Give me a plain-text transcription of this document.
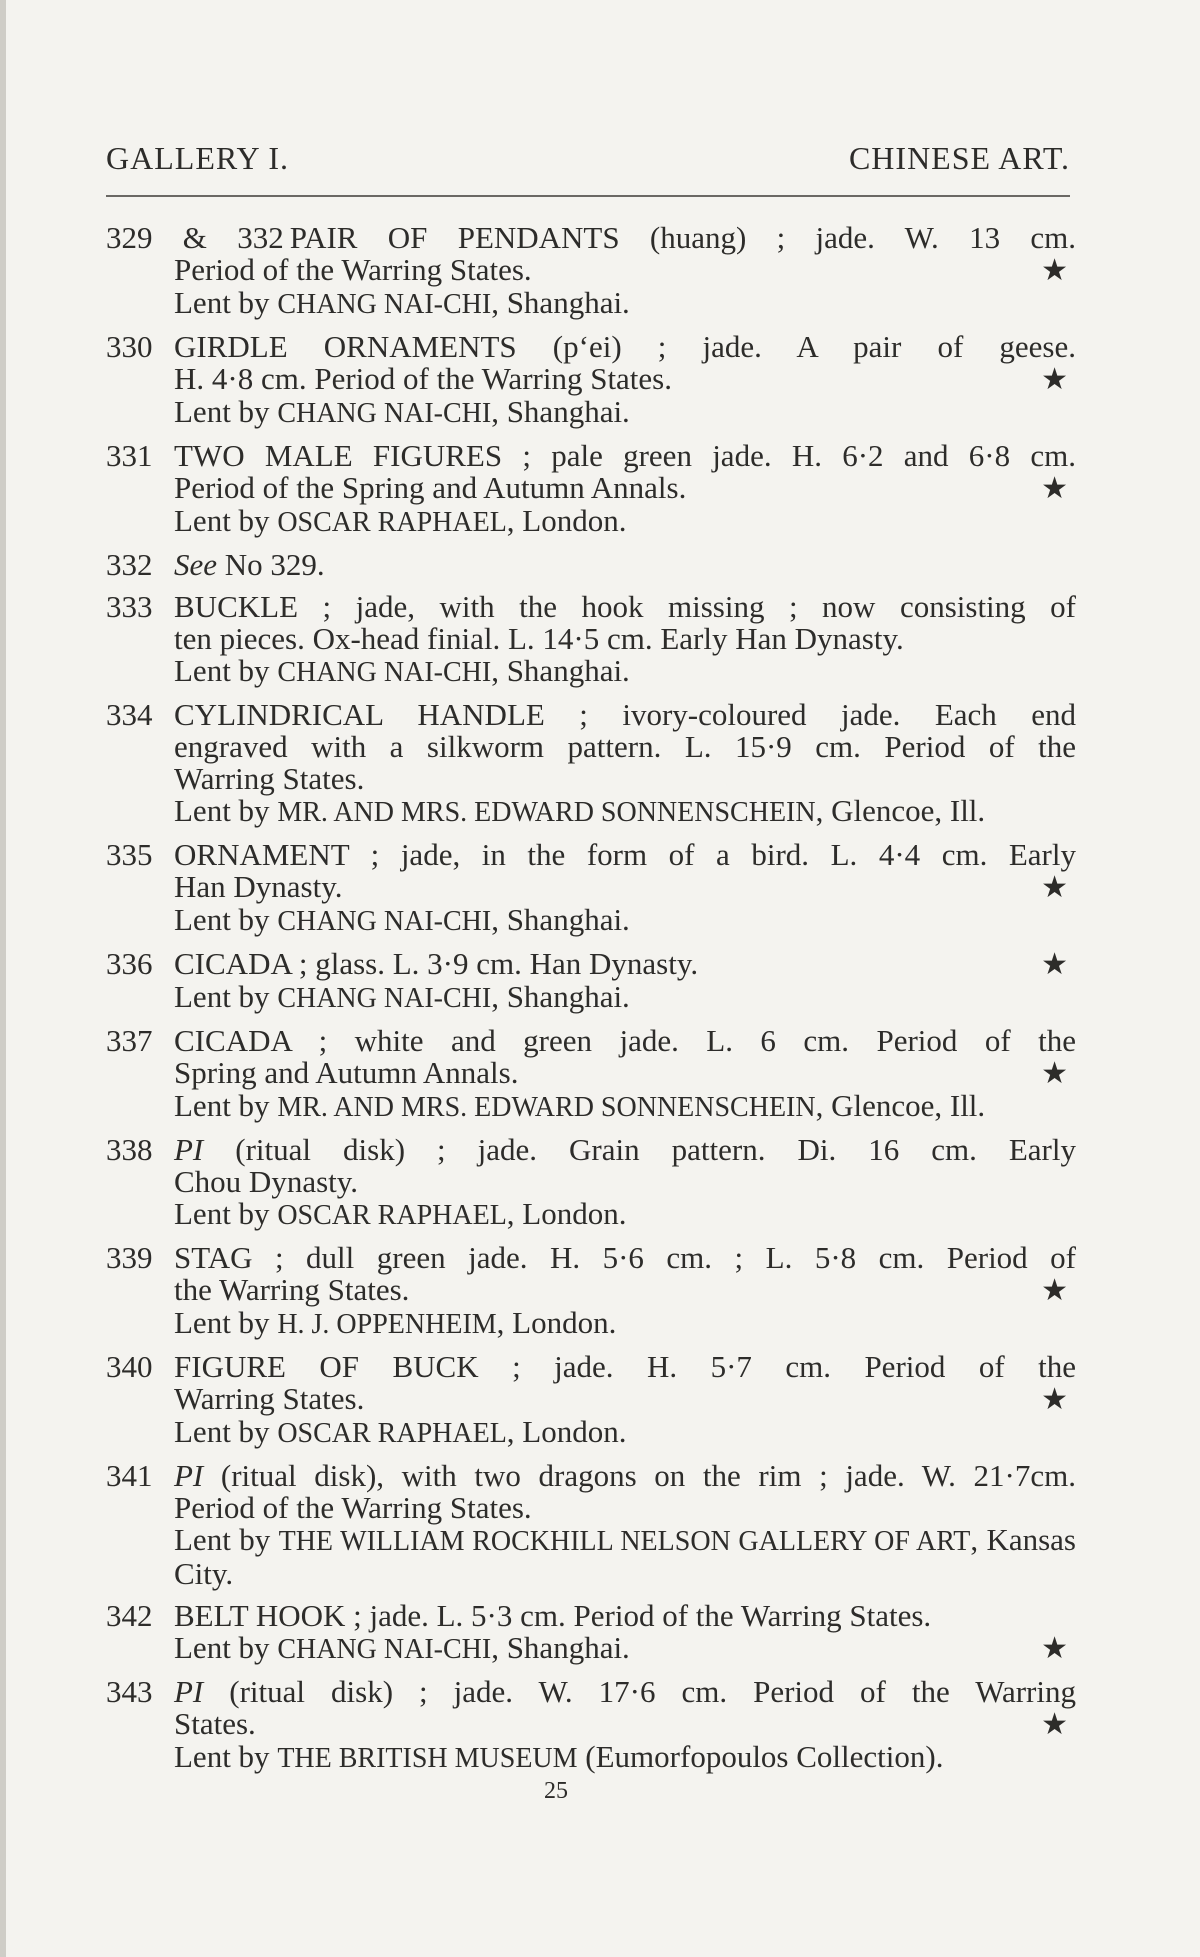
GALLERY I.	CHINESE ART.
329 & 332 PAIR OF PENDANTS (huang) ; jade. W. 13 cm.
Period of the Warring States.	★
Lent by CHANG NAI-CHI, Shanghai.
330 GIRDLE ORNAMENTS (p‘ei) ; jade. A pair of geese.
H. 4·8 cm. Period of the Warring States.	★
Lent by CHANG NAI-CHI, Shanghai.
331 TWO MALE FIGURES ; pale green jade. H. 6·2 and 6·8 cm.
Period of the Spring and Autumn Annals.	★
Lent by OSCAR RAPHAEL, London.
332 See No 329.
333 BUCKLE ; jade, with the hook missing ; now consisting of
ten pieces. Ox-head finial. L. 14·5 cm. Early Han Dynasty.
Lent by CHANG NAI-CHI, Shanghai.
334 CYLINDRICAL HANDLE ; ivory-coloured jade. Each end
engraved with a silkworm pattern. L. 15·9 cm. Period of the
Warring States.
Lent by MR. AND MRS. EDWARD SONNENSCHEIN, Glencoe, Ill.
335 ORNAMENT ; jade, in the form of a bird. L. 4·4 cm. Early
Han Dynasty.	★
Lent by CHANG NAI-CHI, Shanghai.
336 CICADA ; glass. L. 3·9 cm. Han Dynasty.	★
Lent by CHANG NAI-CHI, Shanghai.
337 CICADA ; white and green jade. L. 6 cm. Period of the
Spring and Autumn Annals.	★
Lent by MR. AND MRS. EDWARD SONNENSCHEIN, Glencoe, Ill.
338 PI (ritual disk) ; jade. Grain pattern. Di. 16 cm. Early
Chou Dynasty.
Lent by OSCAR RAPHAEL, London.
339 STAG ; dull green jade. H. 5·6 cm. ; L. 5·8 cm. Period of
the Warring States.	★
Lent by H. J. OPPENHEIM, London.
340 FIGURE OF BUCK ; jade. H. 5·7 cm. Period of the
Warring States.	★
Lent by OSCAR RAPHAEL, London.
341 PI (ritual disk), with two dragons on the rim ; jade. W. 21·7cm.
Period of the Warring States.
Lent by THE WILLIAM ROCKHILL NELSON GALLERY OF ART, Kansas City.
342 BELT HOOK ; jade. L. 5·3 cm. Period of the Warring States.
Lent by CHANG NAI-CHI, Shanghai.	★
343 PI (ritual disk) ; jade. W. 17·6 cm. Period of the Warring
States.	★
Lent by THE BRITISH MUSEUM (Eumorfopoulos Collection).
25
